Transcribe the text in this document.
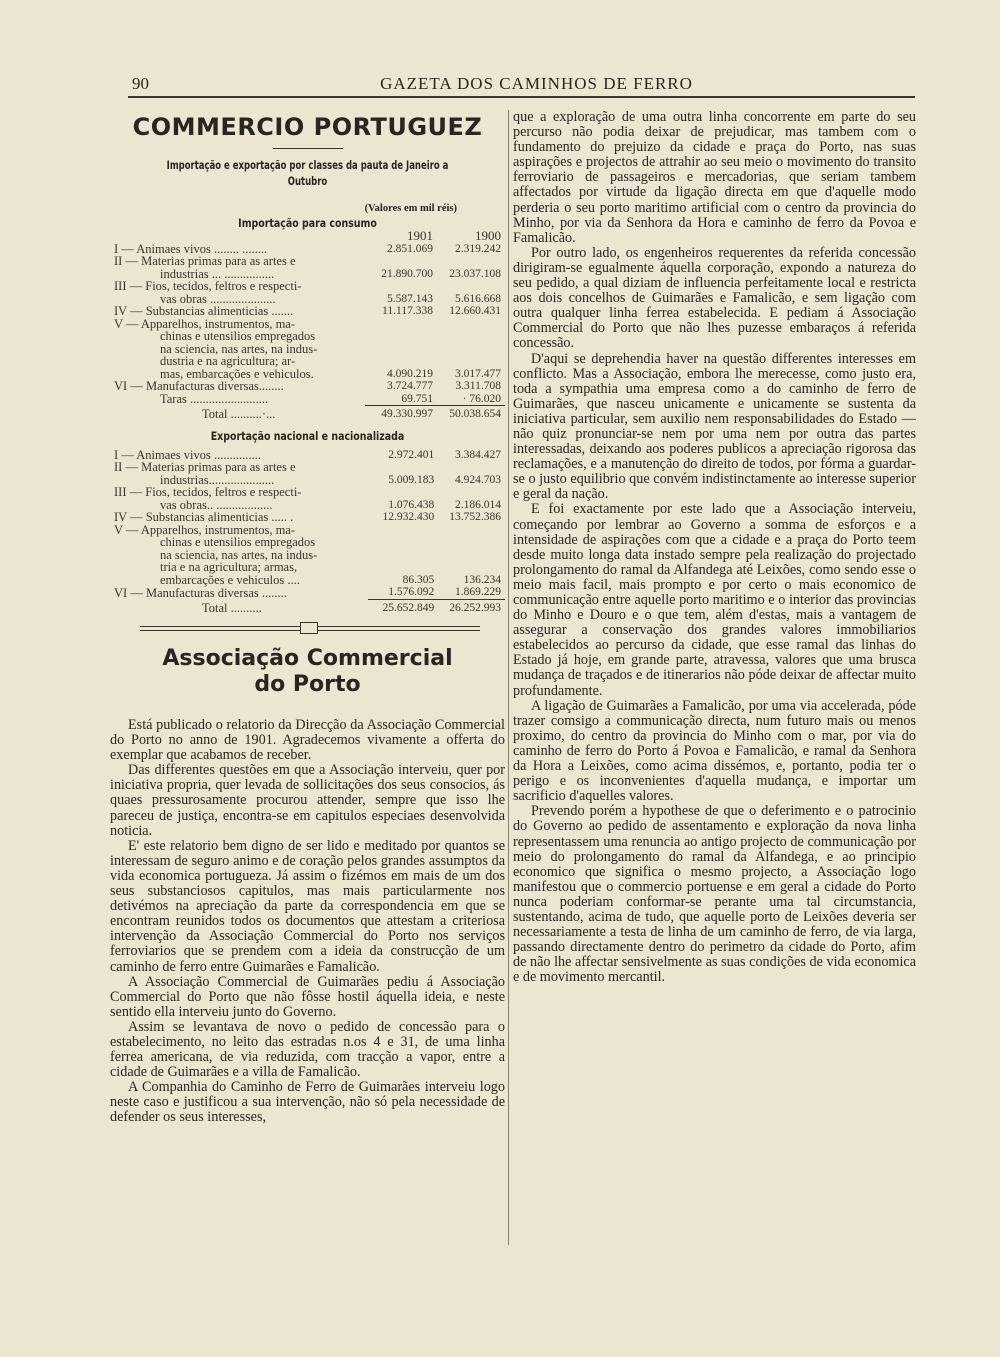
90	GAZETA DOS CAMINHOS DE FERRO
COMMERCIO PORTUGUEZ

Importação e exportação por classes da pauta de Janeiro a Outubro

(Valores em mil réis)
Importação para consumo
	1901	1900
I — Animaes vivos ........ ........	2.851.069	2.319.242
II — Materias primas para as artes e		
industrias ... ................	21.890.700	23.037.108
III — Fios, tecidos, feltros e respecti-		
vas obras .....................	5.587.143	5.616.668
IV — Substancias alimenticias .......	11.117.338	12.660.431
V — Apparelhos, instrumentos, ma-		
chinas e utensilios empregados		
na sciencia, nas artes, na indus-		
dustria e na agricultura; ar-		
mas, embarcações e vehiculos.	4.090.219	3.017.477
VI — Manufacturas diversas........	3.724.777	3.311.708
Taras .........................	69.751	· 76.020
Total ..........·...	49.330.997	50.038.654
Exportação nacional e nacionalizada
I — Animaes vivos ...............	2.972.401	3.384.427
II — Materias primas para as artes e		
industrias.....................	5.009.183	4.924.703
III — Fios, tecidos, feltros e respecti-		
vas obras.. ..................	1.076.438	2.186.014
IV — Substancias alimenticias ..... .	12.932.430	13.752.386
V — Apparelhos, instrumentos, ma-		
chinas e utensilios empregados		
na sciencia, nas artes, na indus-		
tria e na agricultura; armas,		
embarcações e vehiculos ....	86.305	136.234
VI — Manufacturas diversas ........	1.576.092	1.869.229
Total ..........	25.652.849	26.252.993
Associação Commercial
do Porto

Está publicado o relatorio da Direcção da Associação Commercial do Porto no anno de 1901. Agradecemos vivamente a offerta do exemplar que acabamos de receber.

Das differentes questões em que a Associação interveiu, quer por iniciativa propria, quer levada de sollicitações dos seus consocios, ás quaes pressurosamente procurou attender, sempre que isso lhe pareceu de justiça, encontra-se em capitulos especiaes desenvolvida noticia.

E' este relatorio bem digno de ser lido e meditado por quantos se interessam de seguro animo e de coração pelos grandes assumptos da vida economica portugueza. Já assim o fizémos em mais de um dos seus substanciosos capitulos, mas mais particularmente nos detivémos na apreciação da parte da correspondencia em que se encontram reunidos todos os documentos que attestam a criteriosa intervenção da Associação Commercial do Porto nos serviços ferroviarios que se prendem com a ideia da construcção de um caminho de ferro entre Guimarães e Famalicão.

A Associação Commercial de Guimarães pediu á Associação Commercial do Porto que não fôsse hostil áquella ideia, e neste sentido ella interveiu junto do Governo.

Assim se levantava de novo o pedido de concessão para o estabelecimento, no leito das estradas n.os 4 e 31, de uma linha ferrea americana, de via reduzida, com tracção a vapor, entre a cidade de Guimarães e a villa de Famalicão.

A Companhia do Caminho de Ferro de Guimarães interveiu logo neste caso e justificou a sua intervenção, não só pela necessidade de defender os seus interesses,

que a exploração de uma outra linha concorrente em parte do seu percurso não podia deixar de prejudicar, mas tambem com o fundamento do prejuizo da cidade e praça do Porto, nas suas aspirações e projectos de attrahir ao seu meio o movimento do transito ferroviario de passageiros e mercadorias, que seriam tambem affectados por virtude da ligação directa em que d'aquelle modo perderia o seu porto maritimo artificial com o centro da provincia do Minho, por via da Senhora da Hora e caminho de ferro da Povoa e Famalicão.

Por outro lado, os engenheiros requerentes da referida concessão dirigiram-se egualmente áquella corporação, expondo a natureza do seu pedido, a qual diziam de influencia perfeitamente local e restricta aos dois concelhos de Guimarães e Famalicão, e sem ligação com outra qualquer linha ferrea estabelecida. E pediam á Associação Commercial do Porto que não lhes puzesse embaraços á referida concessão.

D'aqui se deprehendia haver na questão differentes interesses em conflicto. Mas a Associação, embora lhe merecesse, como justo era, toda a sympathia uma empresa como a do caminho de ferro de Guimarães, que nasceu unicamente e unicamente se sustenta da iniciativa particular, sem auxilio nem responsabilidades do Estado — não quiz pronunciar-se nem por uma nem por outra das partes interessadas, deixando aos poderes publicos a apreciação rigorosa das reclamações, e a manutenção do direito de todos, por fórma a guardar-se o justo equilibrio que convém indistinctamente ao interesse superior e geral da nação.

E foi exactamente por este lado que a Associação interveiu, começando por lembrar ao Governo a somma de esforços e a intensidade de aspirações com que a cidade e a praça do Porto teem desde muito longa data instado sempre pela realização do projectado prolongamento do ramal da Alfandega até Leixões, como sendo esse o meio mais facil, mais prompto e por certo o mais economico de communicação entre aquelle porto maritimo e o interior das provincias do Minho e Douro e o que tem, além d'estas, mais a vantagem de assegurar a conservação dos grandes valores immobiliarios estabelecidos ao percurso da cidade, que esse ramal das linhas do Estado já hoje, em grande parte, atravessa, valores que uma brusca mudança de traçados e de itinerarios não póde deixar de affectar muito profundamente.

A ligação de Guimarães a Famalicão, por uma via accelerada, póde trazer comsigo a communicação directa, num futuro mais ou menos proximo, do centro da provincia do Minho com o mar, por via do caminho de ferro do Porto á Povoa e Famalicão, e ramal da Senhora da Hora a Leixões, como acima dissémos, e, portanto, podia ter o perigo e os inconvenientes d'aquella mudança, e importar um sacrificio d'aquelles valores.

Prevendo porém a hypothese de que o deferimento e o patrocinio do Governo ao pedido de assentamento e exploração da nova linha representassem uma renuncia ao antigo projecto de communicação por meio do prolongamento do ramal da Alfandega, e ao principio economico que significa o mesmo projecto, a Associação logo manifestou que o commercio portuense e em geral a cidade do Porto nunca poderiam conformar-se perante uma tal circumstancia, sustentando, acima de tudo, que aquelle porto de Leixões deveria ser necessariamente a testa de linha de um caminho de ferro, de via larga, passando directamente dentro do perimetro da cidade do Porto, afim de não lhe affectar sensivelmente as suas condições de vida economica e de movimento mercantil.
